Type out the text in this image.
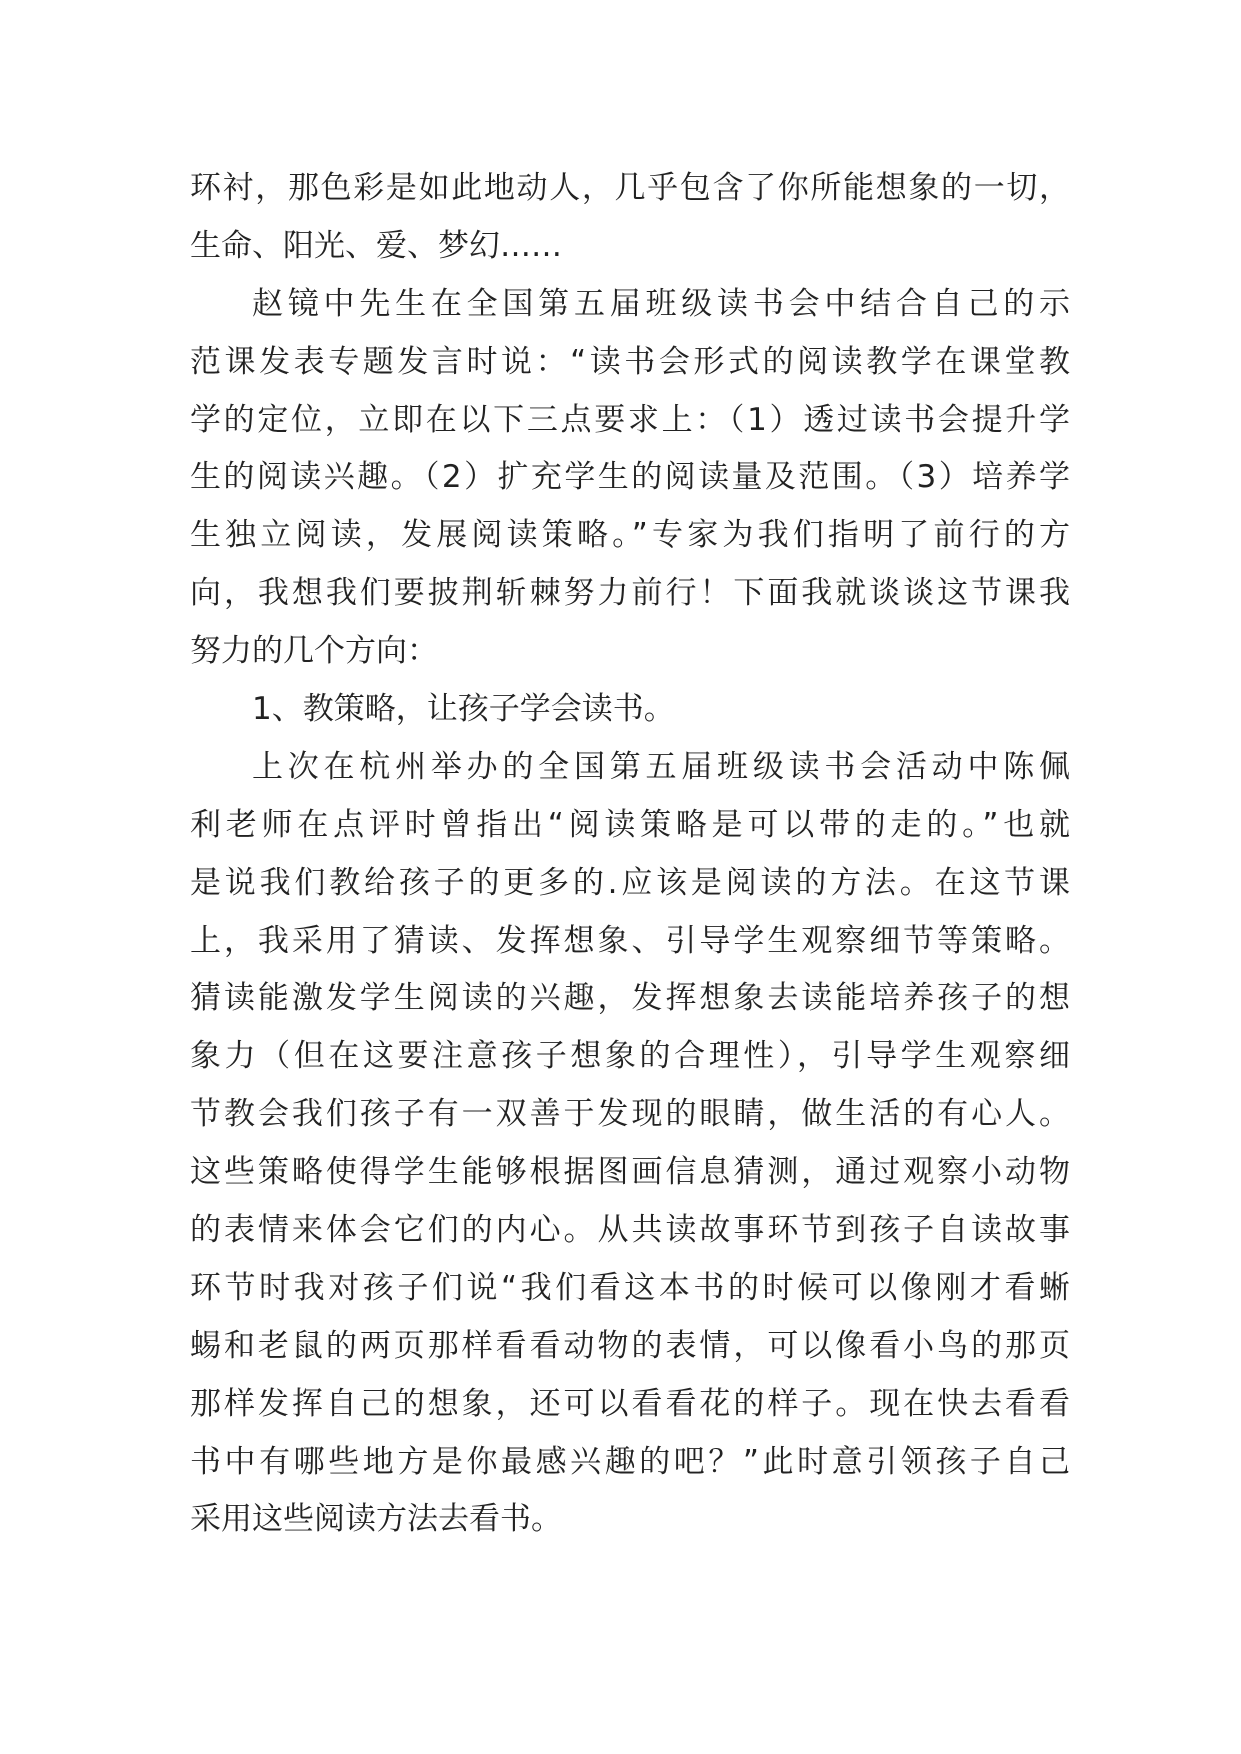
环衬，那色彩是如此地动人，几乎包含了你所能想象的一切，
生命、阳光、爱、梦幻……
赵镜中先生在全国第五届班级读书会中结合自己的示
范课发表专题发言时说：“读书会形式的阅读教学在课堂教
学的定位，立即在以下三点要求上：（1）透过读书会提升学
生的阅读兴趣。（2）扩充学生的阅读量及范围。（3）培养学
生独立阅读，发展阅读策略。”专家为我们指明了前行的方
向，我想我们要披荆斩棘努力前行！下面我就谈谈这节课我
努力的几个方向：
1、教策略，让孩子学会读书。
上次在杭州举办的全国第五届班级读书会活动中陈佩
利老师在点评时曾指出“阅读策略是可以带的走的。”也就
是说我们教给孩子的更多的.应该是阅读的方法。在这节课
上，我采用了猜读、发挥想象、引导学生观察细节等策略。
猜读能激发学生阅读的兴趣，发挥想象去读能培养孩子的想
象力（但在这要注意孩子想象的合理性），引导学生观察细
节教会我们孩子有一双善于发现的眼睛，做生活的有心人。
这些策略使得学生能够根据图画信息猜测，通过观察小动物
的表情来体会它们的内心。从共读故事环节到孩子自读故事
环节时我对孩子们说“我们看这本书的时候可以像刚才看蜥
蜴和老鼠的两页那样看看动物的表情，可以像看小鸟的那页
那样发挥自己的想象，还可以看看花的样子。现在快去看看
书中有哪些地方是你最感兴趣的吧？”此时意引领孩子自己
采用这些阅读方法去看书。
